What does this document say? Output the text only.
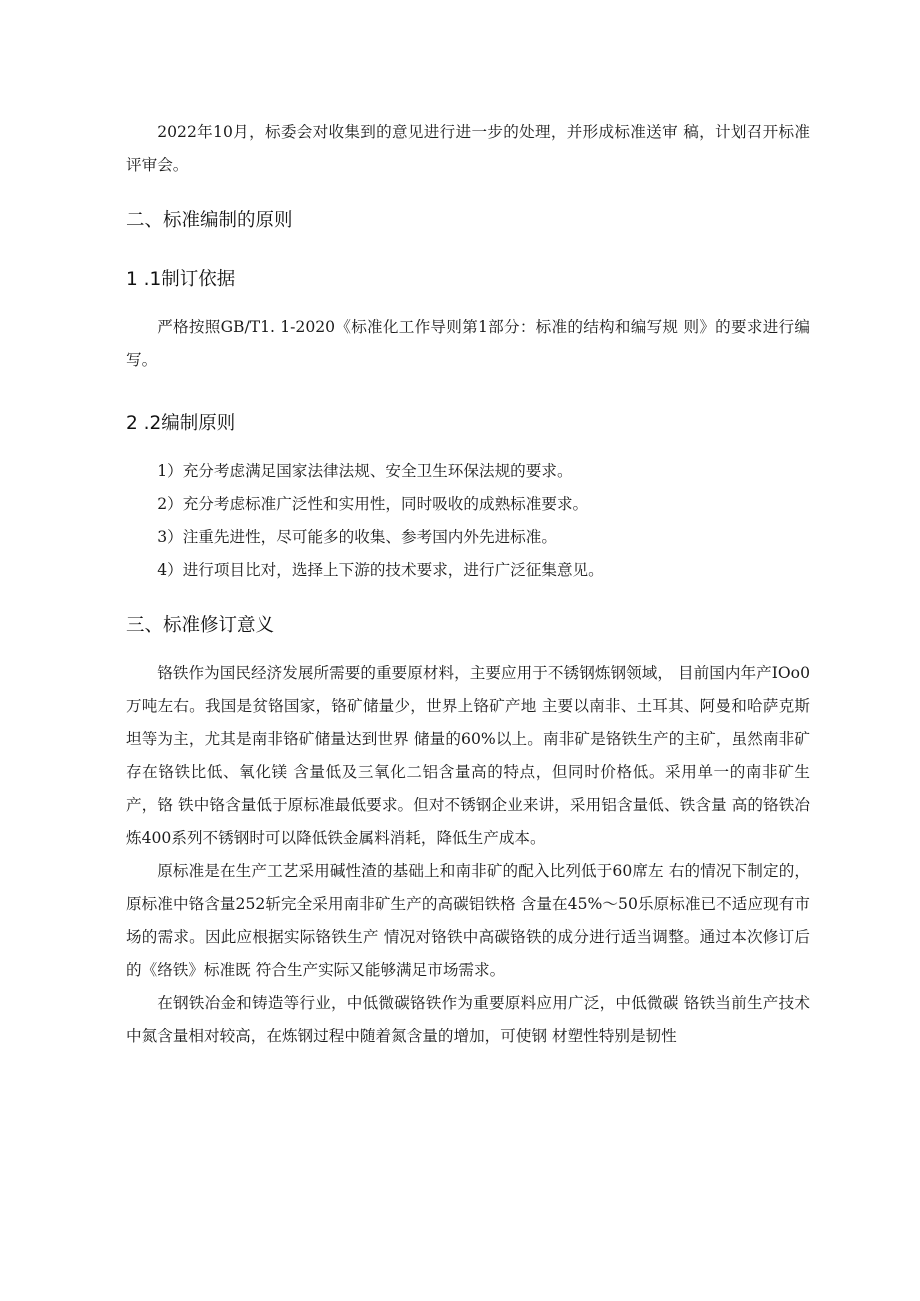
2022年10月，标委会对收集到的意见进行进一步的处理，并形成标准送审 稿，计划召开标准评审会。

二、标准编制的原则
1 .1制订依据

严格按照GB/T1. 1-2020《标准化工作导则第1部分：标准的结构和编写规 则》的要求进行编写。

2 .2编制原则

1）充分考虑满足国家法律法规、安全卫生环保法规的要求。

2）充分考虑标准广泛性和实用性，同时吸收的成熟标准要求。

3）注重先进性，尽可能多的收集、参考国内外先进标准。

4）进行项目比对，选择上下游的技术要求，进行广泛征集意见。

三、标准修订意义

铬铁作为国民经济发展所需要的重要原材料，主要应用于不锈钢炼钢领域， 目前国内年产IOo0万吨左右。我国是贫铬国家，铬矿储量少，世界上铬矿产地 主要以南非、土耳其、阿曼和哈萨克斯坦等为主，尤其是南非铬矿储量达到世界 储量的60%以上。南非矿是铬铁生产的主矿，虽然南非矿存在铬铁比低、氧化镁 含量低及三氧化二铝含量高的特点，但同时价格低。采用单一的南非矿生产，铬 铁中铬含量低于原标准最低要求。但对不锈钢企业来讲，采用铝含量低、铁含量 高的铬铁冶炼400系列不锈钢时可以降低铁金属料消耗，降低生产成本。

原标准是在生产工艺采用碱性渣的基础上和南非矿的配入比列低于60席左 右的情况下制定的，原标准中铬含量252斩完全采用南非矿生产的高碳铝铁格 含量在45%～50乐原标准已不适应现有市场的需求。因此应根据实际铬铁生产 情况对铬铁中高碳铬铁的成分进行适当调整。通过本次修订后的《络铁》标准既 符合生产实际又能够满足市场需求。

在钢铁冶金和铸造等行业，中低微碳铬铁作为重要原料应用广泛，中低微碳 铬铁当前生产技术中氮含量相对较高，在炼钢过程中随着氮含量的增加，可使钢 材塑性特别是韧性
